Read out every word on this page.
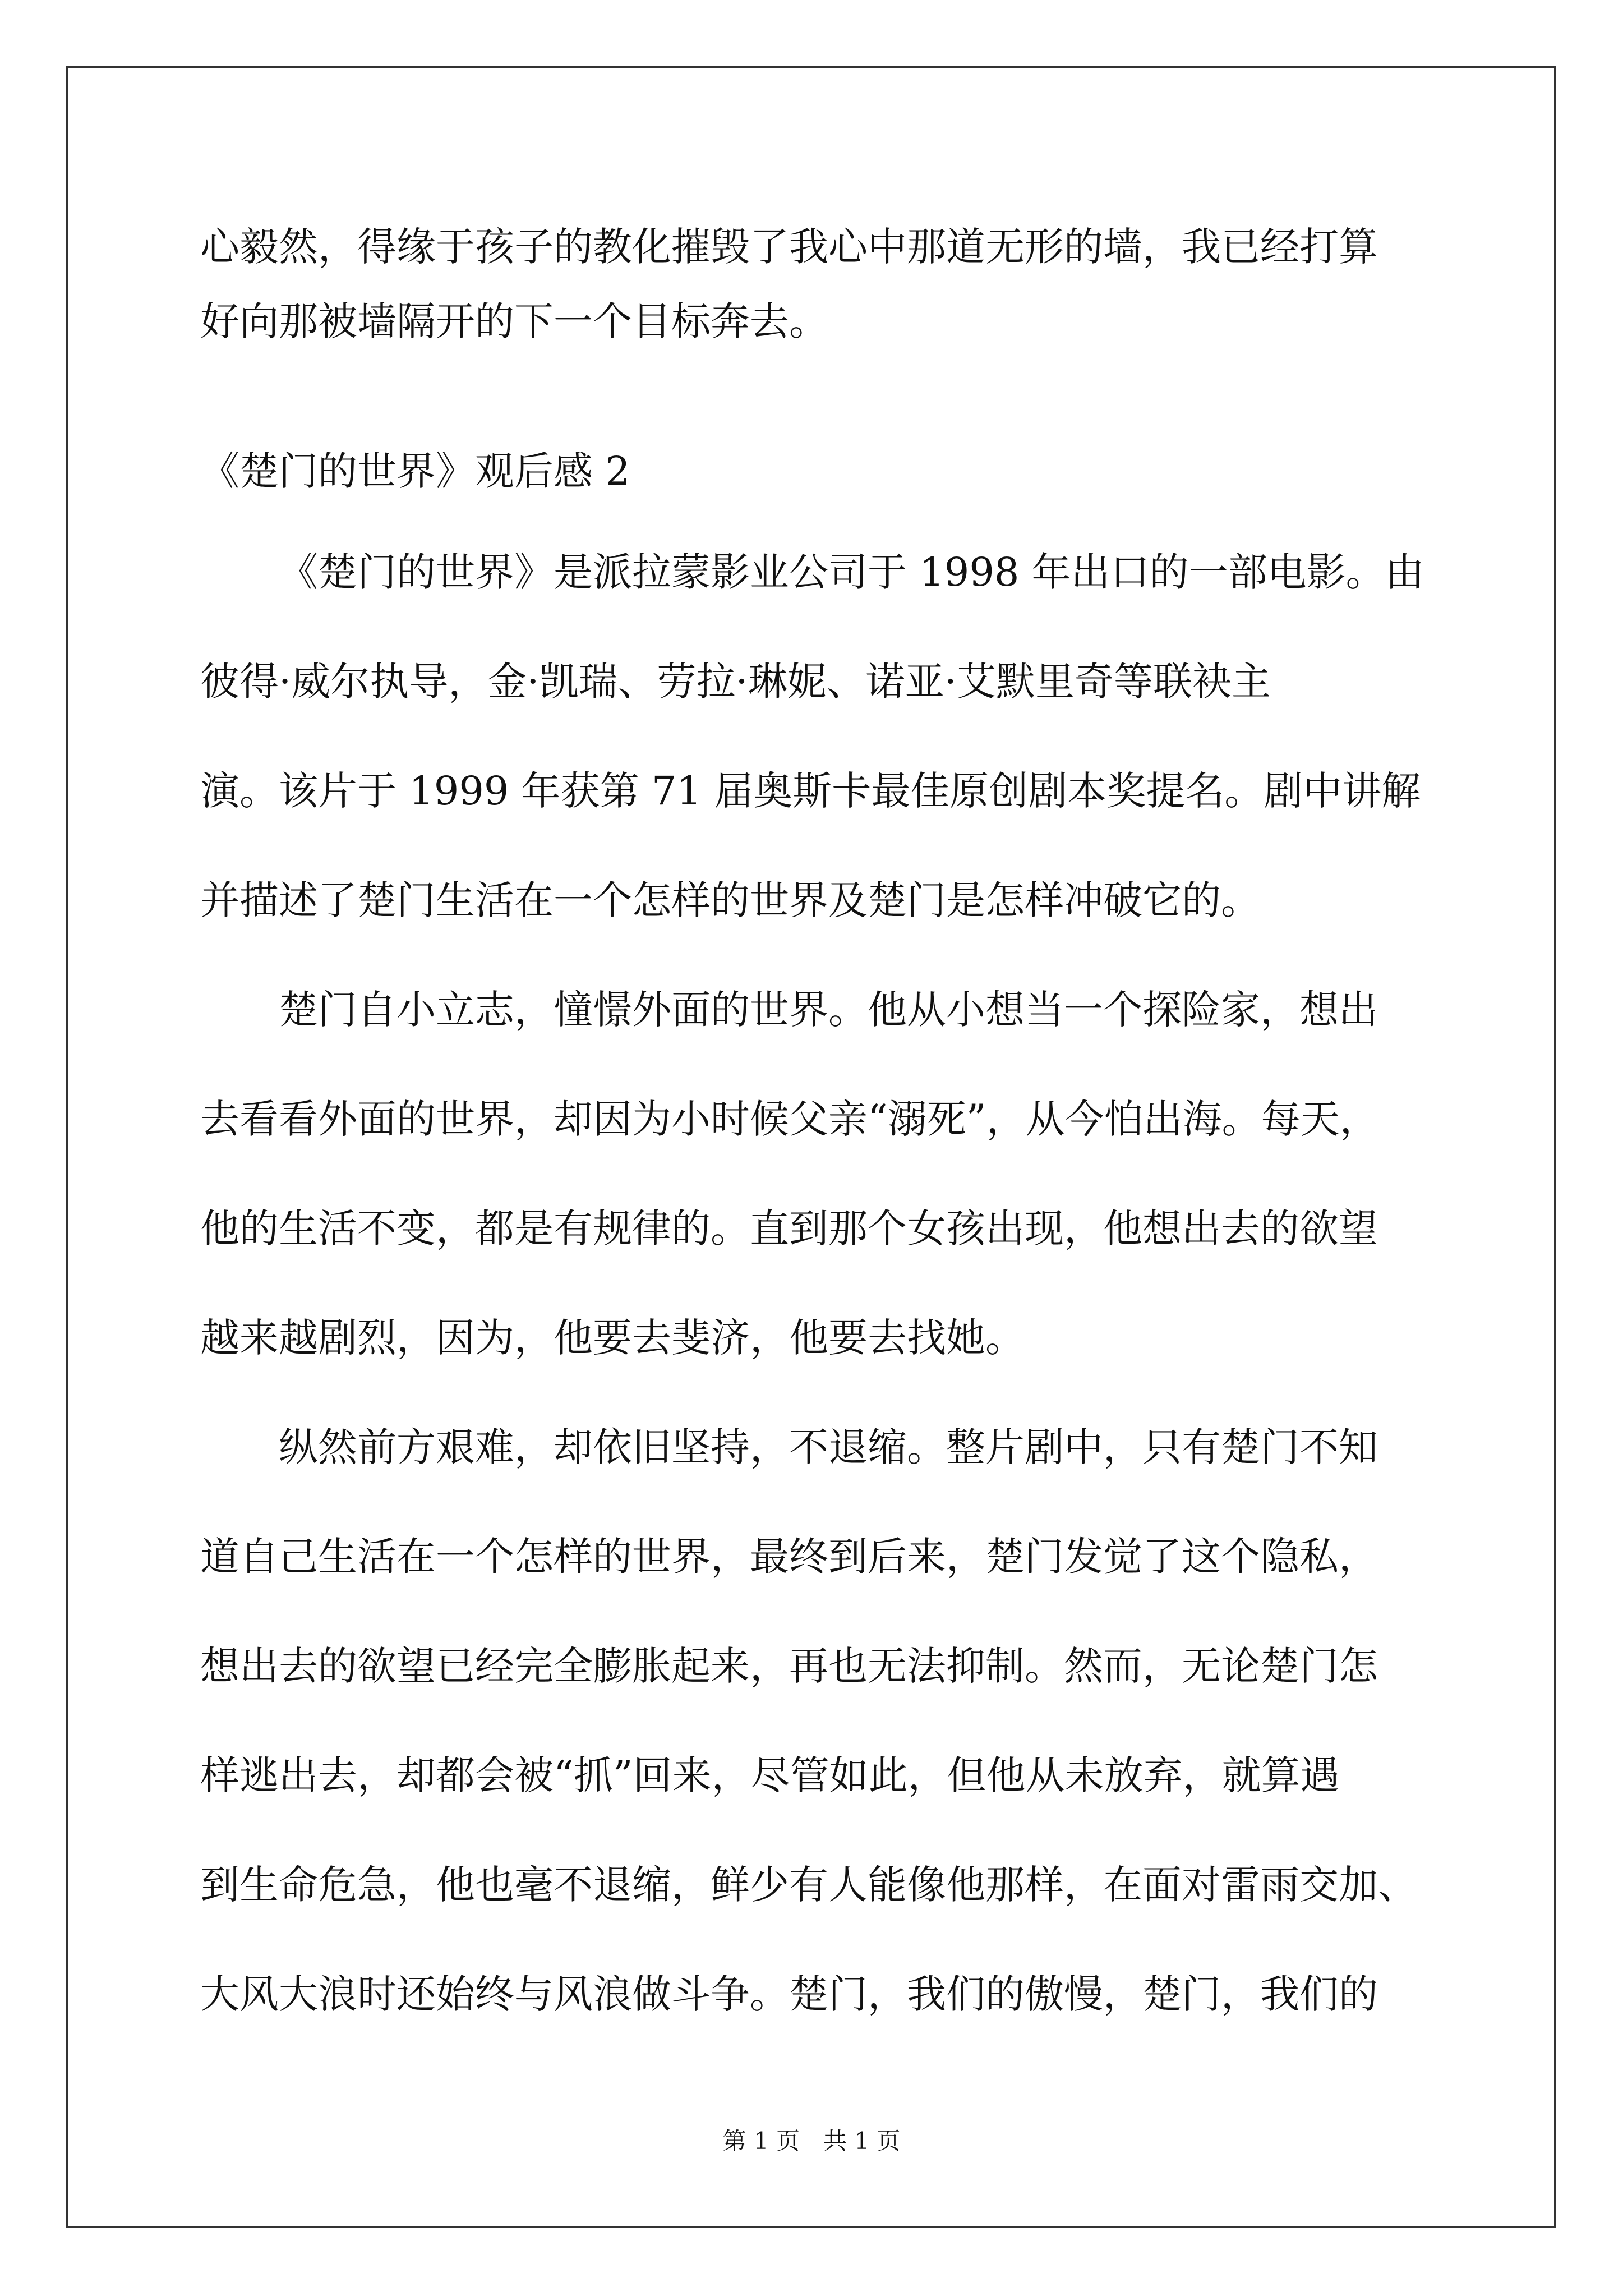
心毅然，得缘于孩子的教化摧毁了我心中那道无形的墙，我已经打算
好向那被墙隔开的下一个目标奔去。
《楚门的世界》观后感 2
《楚门的世界》是派拉蒙影业公司于 1998 年出口的一部电影。由
彼得·威尔执导，金·凯瑞、劳拉·琳妮、诺亚·艾默里奇等联袂主
演。该片于 1999 年获第 71 届奥斯卡最佳原创剧本奖提名。剧中讲解
并描述了楚门生活在一个怎样的世界及楚门是怎样冲破它的。
楚门自小立志，憧憬外面的世界。他从小想当一个探险家，想出
去看看外面的世界，却因为小时候父亲“溺死”，从今怕出海。每天，
他的生活不变，都是有规律的。直到那个女孩出现，他想出去的欲望
越来越剧烈，因为，他要去斐济，他要去找她。
纵然前方艰难，却依旧坚持，不退缩。整片剧中，只有楚门不知
道自己生活在一个怎样的世界，最终到后来，楚门发觉了这个隐私，
想出去的欲望已经完全膨胀起来，再也无法抑制。然而，无论楚门怎
样逃出去，却都会被“抓”回来，尽管如此，但他从未放弃，就算遇
到生命危急，他也毫不退缩，鲜少有人能像他那样，在面对雷雨交加、
大风大浪时还始终与风浪做斗争。楚门，我们的傲慢，楚门，我们的
第 1 页　共 1 页
